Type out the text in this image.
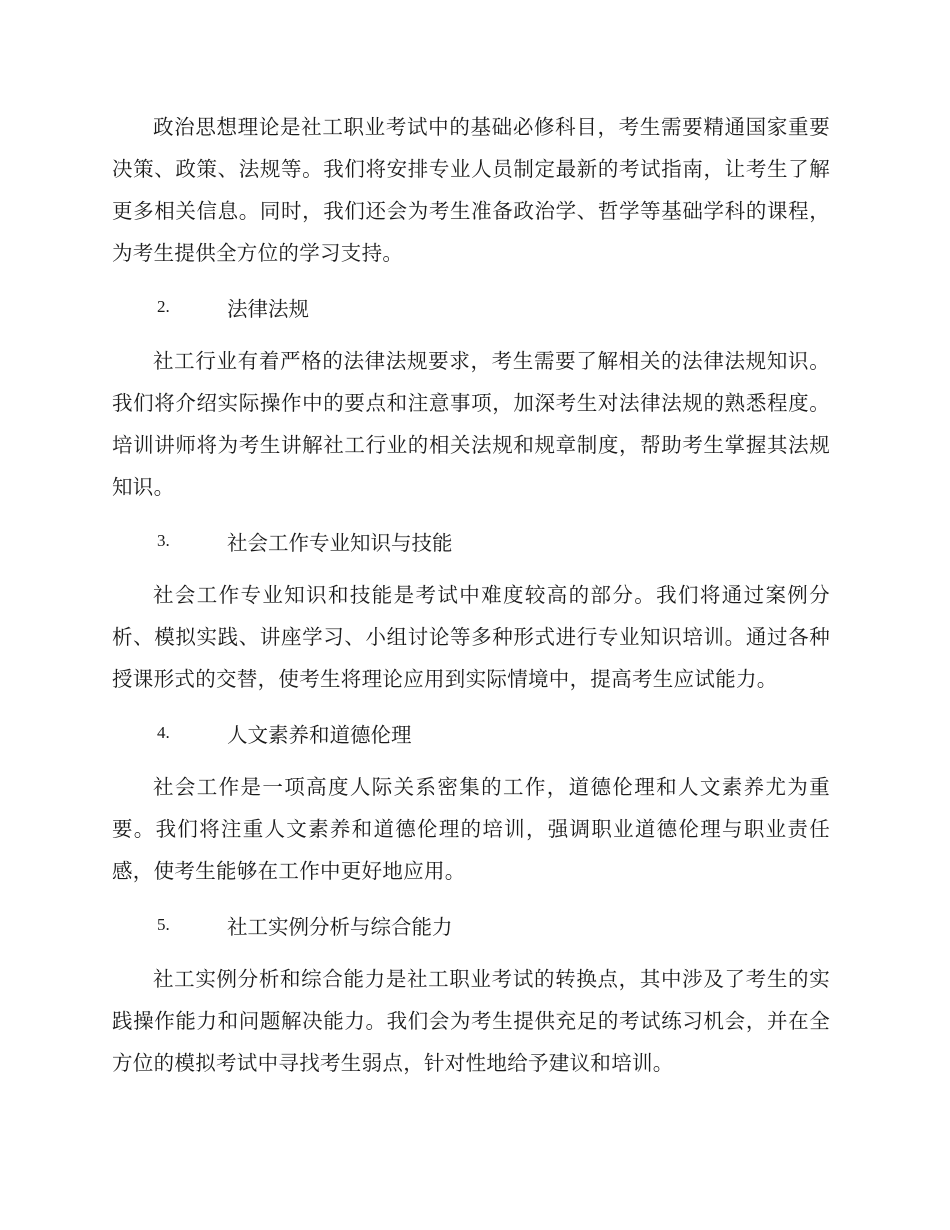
政治思想理论是社工职业考试中的基础必修科目，考生需要精通国家重要决策、政策、法规等。我们将安排专业人员制定最新的考试指南，让考生了解更多相关信息。同时，我们还会为考生准备政治学、哲学等基础学科的课程，为考生提供全方位的学习支持。

2.	法律法规

社工行业有着严格的法律法规要求，考生需要了解相关的法律法规知识。我们将介绍实际操作中的要点和注意事项，加深考生对法律法规的熟悉程度。培训讲师将为考生讲解社工行业的相关法规和规章制度，帮助考生掌握其法规知识。

3.	社会工作专业知识与技能

社会工作专业知识和技能是考试中难度较高的部分。我们将通过案例分析、模拟实践、讲座学习、小组讨论等多种形式进行专业知识培训。通过各种授课形式的交替，使考生将理论应用到实际情境中，提高考生应试能力。

4.	人文素养和道德伦理

社会工作是一项高度人际关系密集的工作，道德伦理和人文素养尤为重要。我们将注重人文素养和道德伦理的培训，强调职业道德伦理与职业责任感，使考生能够在工作中更好地应用。

5.	社工实例分析与综合能力

社工实例分析和综合能力是社工职业考试的转换点，其中涉及了考生的实践操作能力和问题解决能力。我们会为考生提供充足的考试练习机会，并在全方位的模拟考试中寻找考生弱点，针对性地给予建议和培训。
